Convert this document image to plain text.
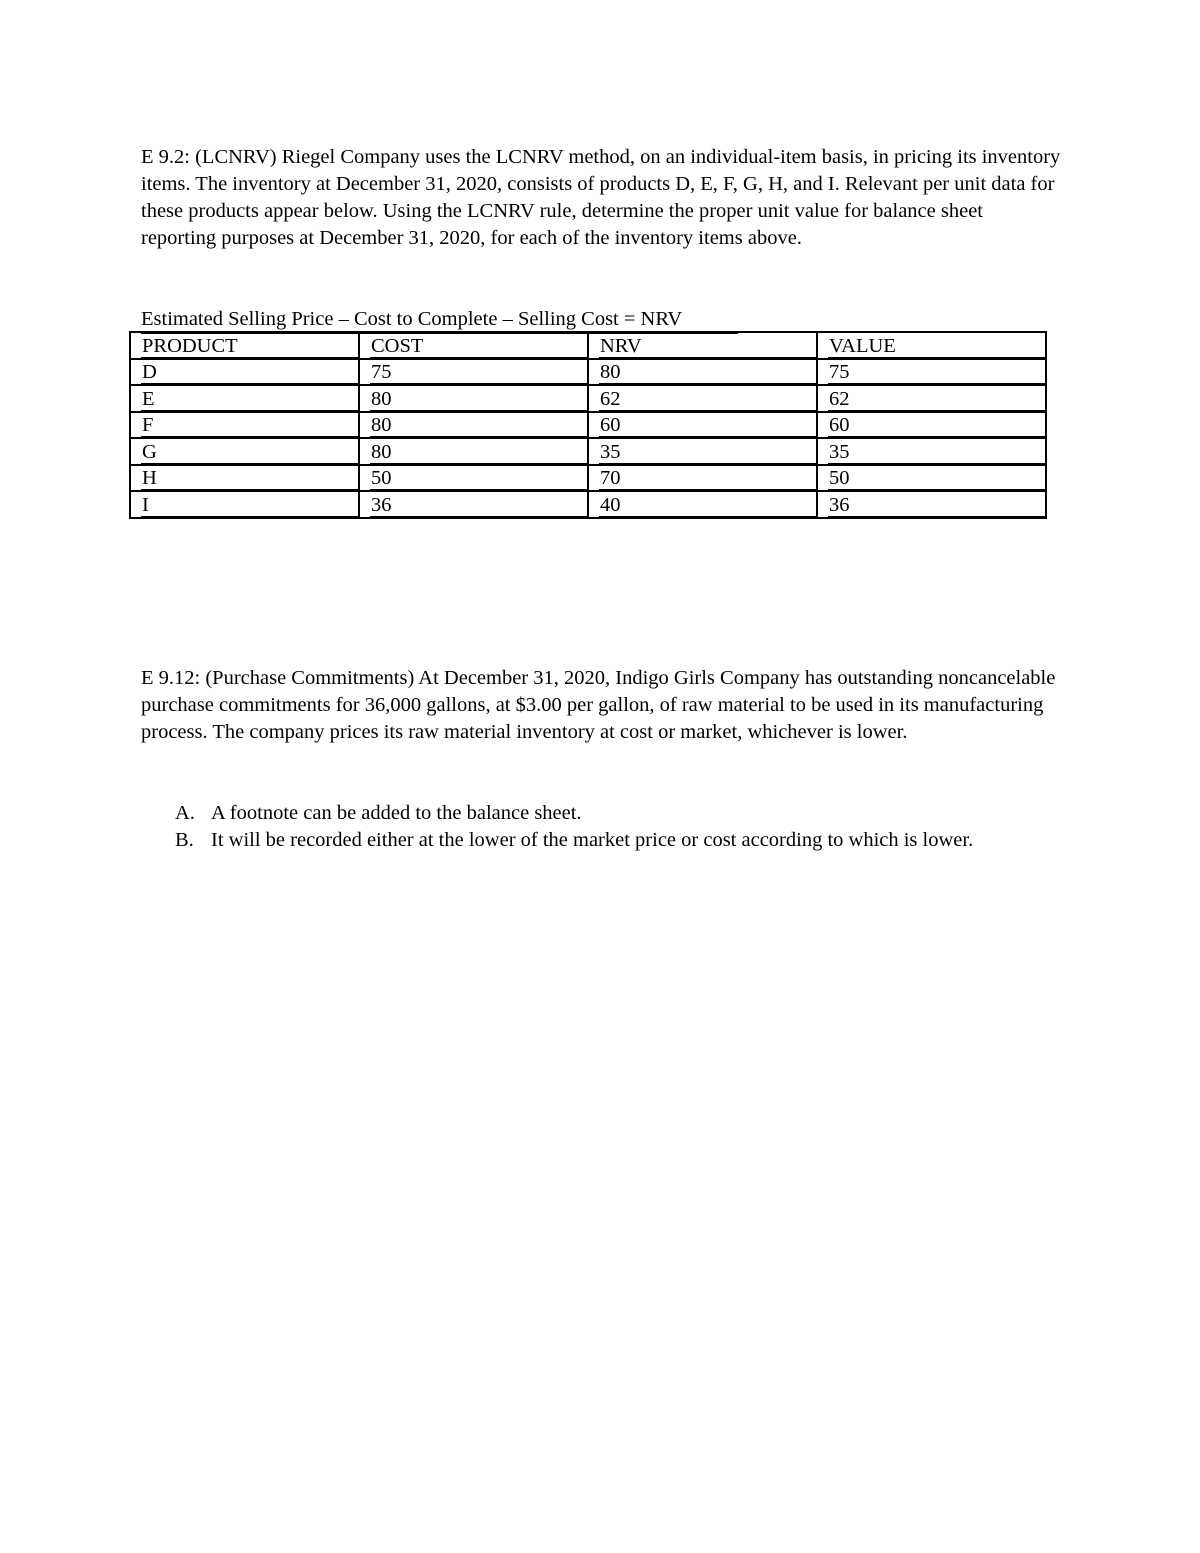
E 9.2: (LCNRV) Riegel Company uses the LCNRV method, on an individual-item basis, in pricing its inventory items. The inventory at December 31, 2020, consists of products D, E, F, G, H, and I. Relevant per unit data for these products appear below. Using the LCNRV rule, determine the proper unit value for balance sheet reporting purposes at December 31, 2020, for each of the inventory items above.

Estimated Selling Price – Cost to Complete – Selling Cost = NRV
PRODUCT	COST	NRV	VALUE

D	75	80	75

E	80	62	62

F	80	60	60

G	80	35	35

H	50	70	50

I	36	40	36

E 9.12: (Purchase Commitments) At December 31, 2020, Indigo Girls Company has outstanding noncancelable purchase commitments for 36,000 gallons, at $3.00 per gallon, of raw material to be used in its manufacturing process. The company prices its raw material inventory at cost or market, whichever is lower.

A. A footnote can be added to the balance sheet.
B. It will be recorded either at the lower of the market price or cost according to which is lower.
